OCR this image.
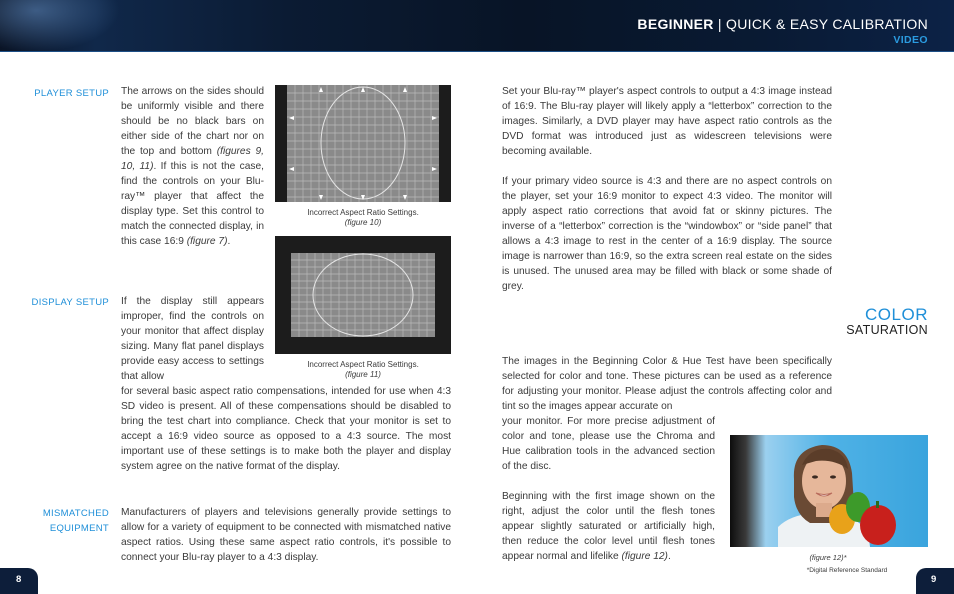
BEGINNER | QUICK & EASY CALIBRATION
VIDEO
PLAYER SETUP The arrows on the sides should be uniformly visible and there should be no black bars on either side of the chart nor on the top and bottom (figures 9, 10, 11). If this is not the case, find the controls on your Blu-ray™ player that affect the display type. Set this control to match the connected display, in this case 16:9 (figure 7).
DISPLAY SETUP If the display still appears improper, find the controls on your monitor that affect display sizing. Many flat panel displays provide easy access to settings that allow
for several basic aspect ratio compensations, intended for use when 4:3 SD video is present. All of these compensations should be disabled to bring the test chart into compliance. Check that your monitor is set to accept a 16:9 video source as opposed to a 4:3 source. The most important use of these settings is to make both the player and display system agree on the native format of the display.
MISMATCHED
EQUIPMENT
Manufacturers of players and televisions generally provide settings to allow for a variety of equipment to be connected with mismatched native aspect ratios. Using these same aspect ratio controls, it's possible to connect your Blu-ray player to a 4:3 display.
Incorrect Aspect Ratio Settings.
(figure 10)
Incorrect Aspect Ratio Settings.
(figure 11)
8
Set your Blu-ray™ player's aspect controls to output a 4:3 image instead of 16:9. The Blu-ray player will likely apply a “letterbox” correction to the images. Similarly, a DVD player may have aspect ratio controls as the DVD format was introduced just as widescreen televisions were becoming available.
If your primary video source is 4:3 and there are no aspect controls on the player, set your 16:9 monitor to expect 4:3 video. The monitor will apply aspect ratio corrections that avoid fat or skinny pictures. The inverse of a “letterbox” correction is the “windowbox” or “side panel” that allows a 4:3 image to rest in the center of a 16:9 display. The source image is narrower than 16:9, so the extra screen real estate on the sides is unused. The unused area may be filled with black or some shade of grey.
COLOR
SATURATION
The images in the Beginning Color & Hue Test have been specifically selected for color and tone. These pictures can be used as a reference for adjusting your monitor. Please adjust the controls affecting color and tint so the images appear accurate on
your monitor. For more precise adjustment of color and tone, please use the Chroma and Hue calibration tools in the advanced section of the disc.
Beginning with the first image shown on the right, adjust the color until the flesh tones appear slightly saturated or artificially high, then reduce the color level until flesh tones appear normal and lifelike (figure 12).	(figure 12)*
*Digital Reference Standard
9
